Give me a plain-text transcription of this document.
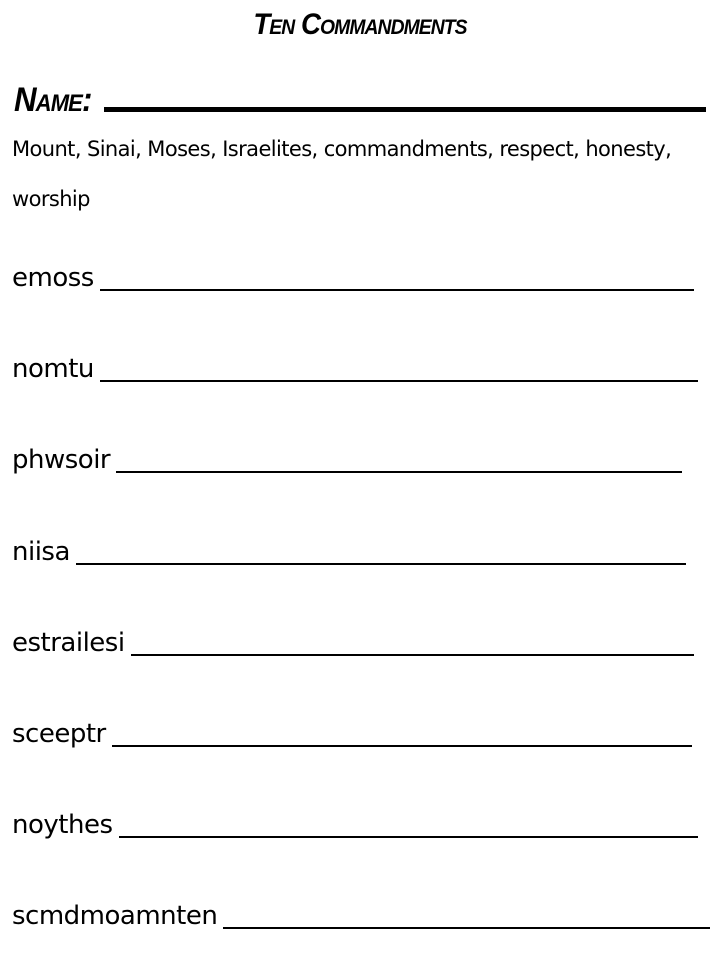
Ten Commandments
Name:
Mount, Sinai, Moses, Israelites, commandments, respect, honesty, worship
emoss
nomtu
phwsoir
niisa
estrailesi
sceeptr
noythes
scmdmoamnten
